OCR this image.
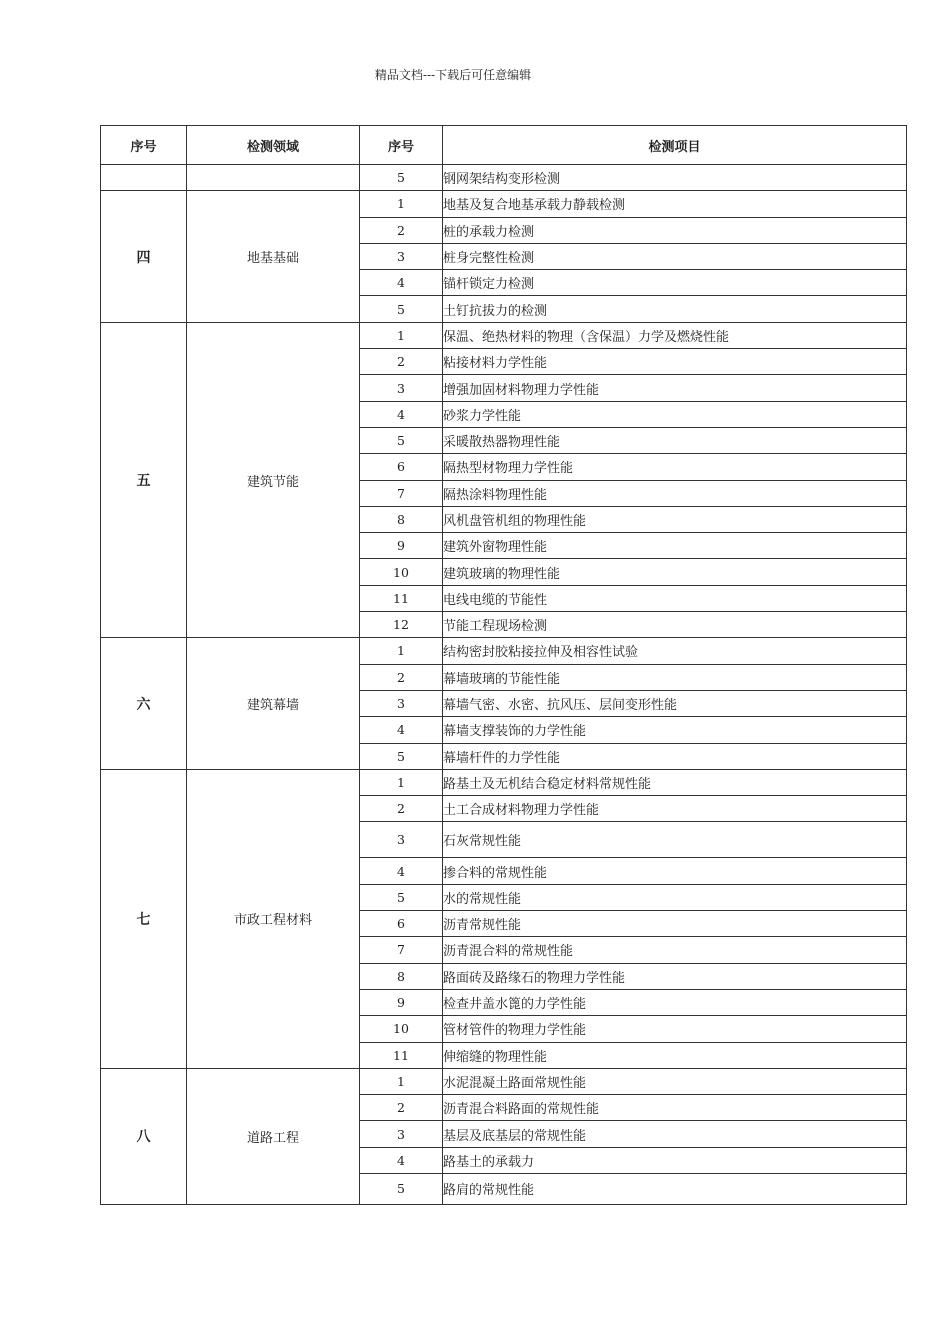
精品文档---下载后可任意编辑
序号	检测领域	序号	检测项目
		5	钢网架结构变形检测
四	地基基础	1	地基及复合地基承载力静载检测
		2	桩的承载力检测
		3	桩身完整性检测
		4	锚杆锁定力检测
		5	土钉抗拔力的检测
五	建筑节能	1	保温、绝热材料的物理（含保温）力学及燃烧性能
		2	粘接材料力学性能
		3	增强加固材料物理力学性能
		4	砂浆力学性能
		5	采暖散热器物理性能
		6	隔热型材物理力学性能
		7	隔热涂料物理性能
		8	风机盘管机组的物理性能
		9	建筑外窗物理性能
		10	建筑玻璃的物理性能
		11	电线电缆的节能性
		12	节能工程现场检测
六	建筑幕墙	1	结构密封胶粘接拉伸及相容性试验
		2	幕墙玻璃的节能性能
		3	幕墙气密、水密、抗风压、层间变形性能
		4	幕墙支撑装饰的力学性能
		5	幕墙杆件的力学性能
七	市政工程材料	1	路基土及无机结合稳定材料常规性能
		2	土工合成材料物理力学性能
		3	石灰常规性能
		4	掺合料的常规性能
		5	水的常规性能
		6	沥青常规性能
		7	沥青混合料的常规性能
		8	路面砖及路缘石的物理力学性能
		9	检查井盖水篦的力学性能
		10	管材管件的物理力学性能
		11	伸缩缝的物理性能
八	道路工程	1	水泥混凝土路面常规性能
		2	沥青混合料路面的常规性能
		3	基层及底基层的常规性能
		4	路基土的承载力
		5	路肩的常规性能
